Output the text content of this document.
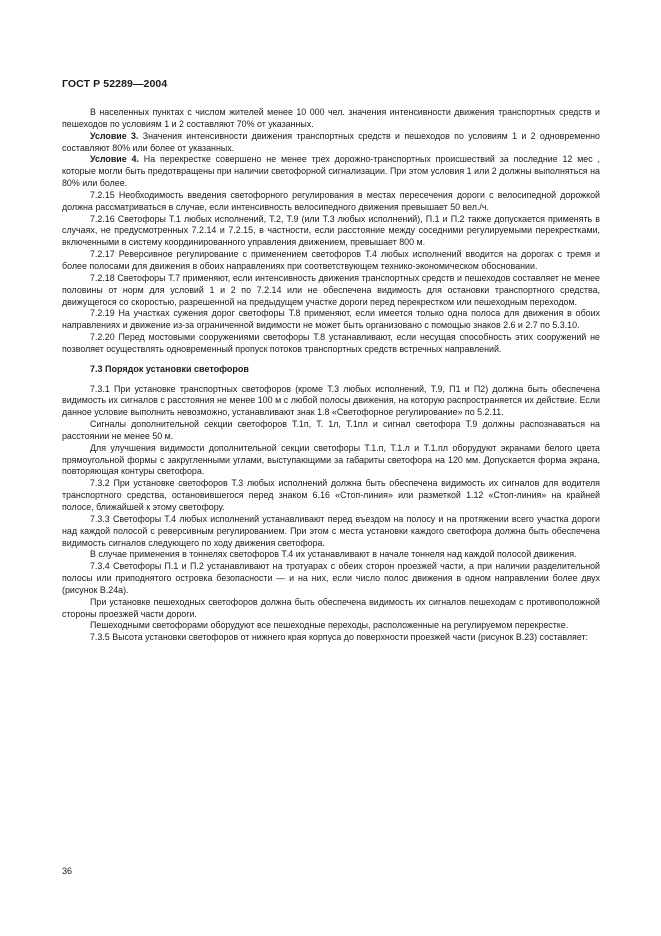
ГОСТ Р 52289—2004

В населенных пунктах с числом жителей менее 10 000 чел. значения интенсивности движения транспортных средств и пешеходов по условиям 1 и 2 составляют 70% от указанных.

Условие 3. Значения интенсивности движения транспортных средств и пешеходов по условиям 1 и 2 одновременно составляют 80% или более от указанных.

Условие 4. На перекрестке совершено не менее трех дорожно-транспортных происшествий за последние 12 мес , которые могли быть предотвращены при наличии светофорной сигнализации. При этом условия 1 или 2 должны выполняться на 80% или более.

7.2.15 Необходимость введения светофорного регулирования в местах пересечения дороги с велосипедной дорожкой должна рассматриваться в случае, если интенсивность велосипедного движения превышает 50 вел./ч.

7.2.16 Светофоры Т.1 любых исполнений, Т.2, Т.9 (или Т.3 любых исполнений), П.1 и П.2 также допускается применять в случаях, не предусмотренных 7.2.14 и 7.2.15, в частности, если расстояние между соседними регулируемыми перекрестками, включенными в систему координированного управления движением, превышает 800 м.

7.2.17 Реверсивное регулирование с применением светофоров Т.4 любых исполнений вводится на дорогах с тремя и более полосами для движения в обоих направлениях при соответствующем технико-экономическом обосновании.

7.2.18 Светофоры Т.7 применяют, если интенсивность движения транспортных средств и пешеходов составляет не менее половины от норм для условий 1 и 2 по 7.2.14 или не обеспечена видимость для остановки транспортного средства, движущегося со скоростью, разрешенной на предыдущем участке дороги перед перекрестком или пешеходным переходом.

7.2.19 На участках сужения дорог светофоры Т.8 применяют, если имеется только одна полоса для движения в обоих направлениях и движение из-за ограниченной видимости не может быть организовано с помощью знаков 2.6 и 2.7 по 5.3.10.

7.2.20 Перед мостовыми сооружениями светофоры Т.8 устанавливают, если несущая способность этих сооружений не позволяет осуществлять одновременный пропуск потоков транспортных средств встречных направлений.

7.3 Порядок установки светофоров

7.3.1 При установке транспортных светофоров (кроме Т.3 любых исполнений, Т.9, П1 и П2) должна быть обеспечена видимость их сигналов с расстояния не менее 100 м с любой полосы движения, на которую распространяется их действие. Если данное условие выполнить невозможно, устанавливают знак 1.8 «Светофорное регулирование» по 5.2.11.

Сигналы дополнительной секции светофоров Т.1п, Т. 1л, Т.1пл и сигнал светофора Т.9 должны распознаваться на расстоянии не менее 50 м.

Для улучшения видимости дополнительной секции светофоры Т.1.п, Т.1.л и Т.1.пл оборудуют экранами белого цвета прямоугольной формы с закругленными углами, выступающими за габариты светофора на 120 мм. Допускается форма экрана, повторяющая контуры светофора.

7.3.2 При установке светофоров Т.3 любых исполнений должна быть обеспечена видимость их сигналов для водителя транспортного средства, остановившегося перед знаком 6.16 «Стоп-линия» или разметкой 1.12 «Стоп-линия» на крайней полосе, ближайшей к этому светофору.

7.3.3 Светофоры Т.4 любых исполнений устанавливают перед въездом на полосу и на протяжении всего участка дороги над каждой полосой с реверсивным регулированием. При этом с места установки каждого светофора должна быть обеспечена видимость сигналов следующего по ходу движения светофора.

В случае применения в тоннелях светофоров Т.4 их устанавливают в начале тоннеля над каждой полосой движения.

7.3.4 Светофоры П.1 и П.2 устанавливают на тротуарах с обеих сторон проезжей части, а при наличии разделительной полосы или приподнятого островка безопасности — и на них, если число полос движения в одном направлении более двух (рисунок В.24а).

При установке пешеходных светофоров должна быть обеспечена видимость их сигналов пешеходам с противоположной стороны проезжей части дороги.

Пешеходными светофорами оборудуют все пешеходные переходы, расположенные на регулируемом перекрестке.

7.3.5 Высота установки светофоров от нижнего края корпуса до поверхности проезжей части (рисунок В.23) составляет:

36
